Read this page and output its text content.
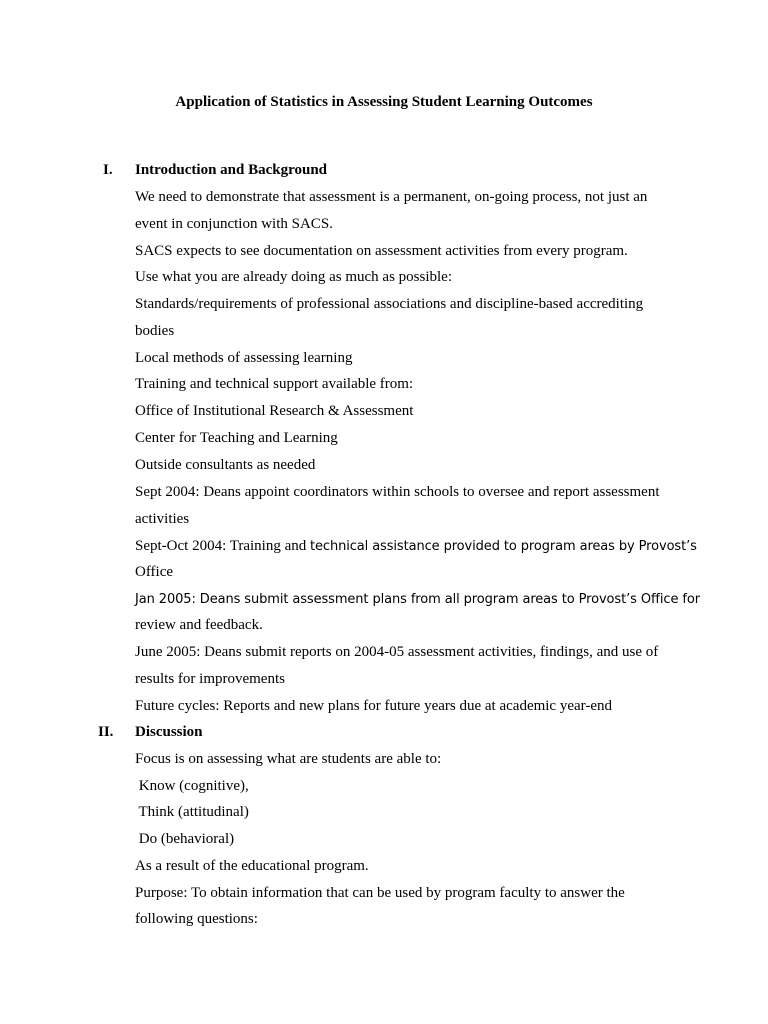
Application of Statistics in Assessing Student Learning Outcomes
I. Introduction and Background
We need to demonstrate that assessment is a permanent, on-going process, not just an
event in conjunction with SACS.
SACS expects to see documentation on assessment activities from every program.
Use what you are already doing as much as possible:
Standards/requirements of professional associations and discipline-based accrediting
bodies
Local methods of assessing learning
Training and technical support available from:
Office of Institutional Research & Assessment
Center for Teaching and Learning
Outside consultants as needed
Sept 2004: Deans appoint coordinators within schools to oversee and report assessment
activities
Sept-Oct 2004: Training and technical assistance provided to program areas by Provost’s
Office
Jan 2005: Deans submit assessment plans from all program areas to Provost’s Office for
review and feedback.
June 2005: Deans submit reports on 2004-05 assessment activities, findings, and use of
results for improvements
Future cycles: Reports and new plans for future years due at academic year-end
II. Discussion
Focus is on assessing what are students are able to:
Know (cognitive),
Think (attitudinal)
Do (behavioral)
As a result of the educational program.
Purpose: To obtain information that can be used by program faculty to answer the
following questions:
